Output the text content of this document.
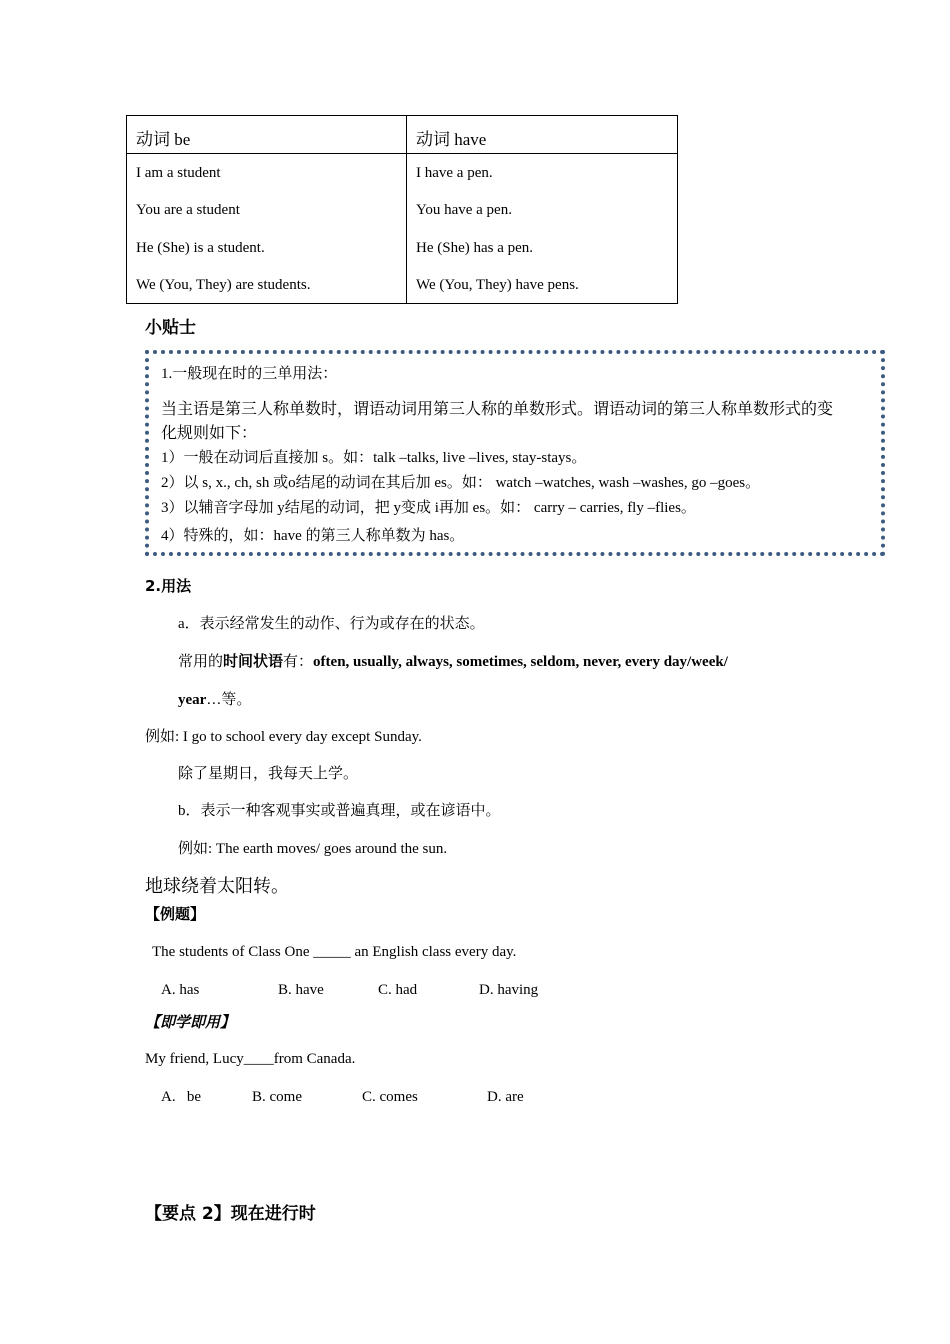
动词 be	动词 have
I am a student	I have a pen.
You are a student	You have a pen.
He (She) is a student.	He (She) has a pen.
We (You, They) are students.	We (You, They) have pens.
小贴士
1.一般现在时的三单用法：
当主语是第三人称单数时，谓语动词用第三人称的单数形式。谓语动词的第三人称单数形式的变
化规则如下：
1）一般在动词后直接加 s。如：talk –talks, live –lives, stay-stays。
2）以 s, x., ch, sh 或o结尾的动词在其后加 es。如： watch –watches, wash –washes, go –goes。
3）以辅音字母加 y结尾的动词，把 y变成 i再加 es。如： carry – carries, fly –flies。
4）特殊的，如：have 的第三人称单数为 has。
2.用法
a．表示经常发生的动作、行为或存在的状态。
常用的时间状语有：often, usually, always, sometimes, seldom, never, every day/week/
year…等。
例如: I go to school every day except Sunday.
除了星期日，我每天上学。
b．表示一种客观事实或普遍真理，或在谚语中。
例如: The earth moves/ goes around the sun.
地球绕着太阳转。
【例题】
The students of Class One _____ an English class every day.
A. has	B. have	C. had	D. having
【即学即用】
My friend, Lucy____from Canada.
A.   be	B. come	C. comes	D. are
【要点 2】现在进行时
